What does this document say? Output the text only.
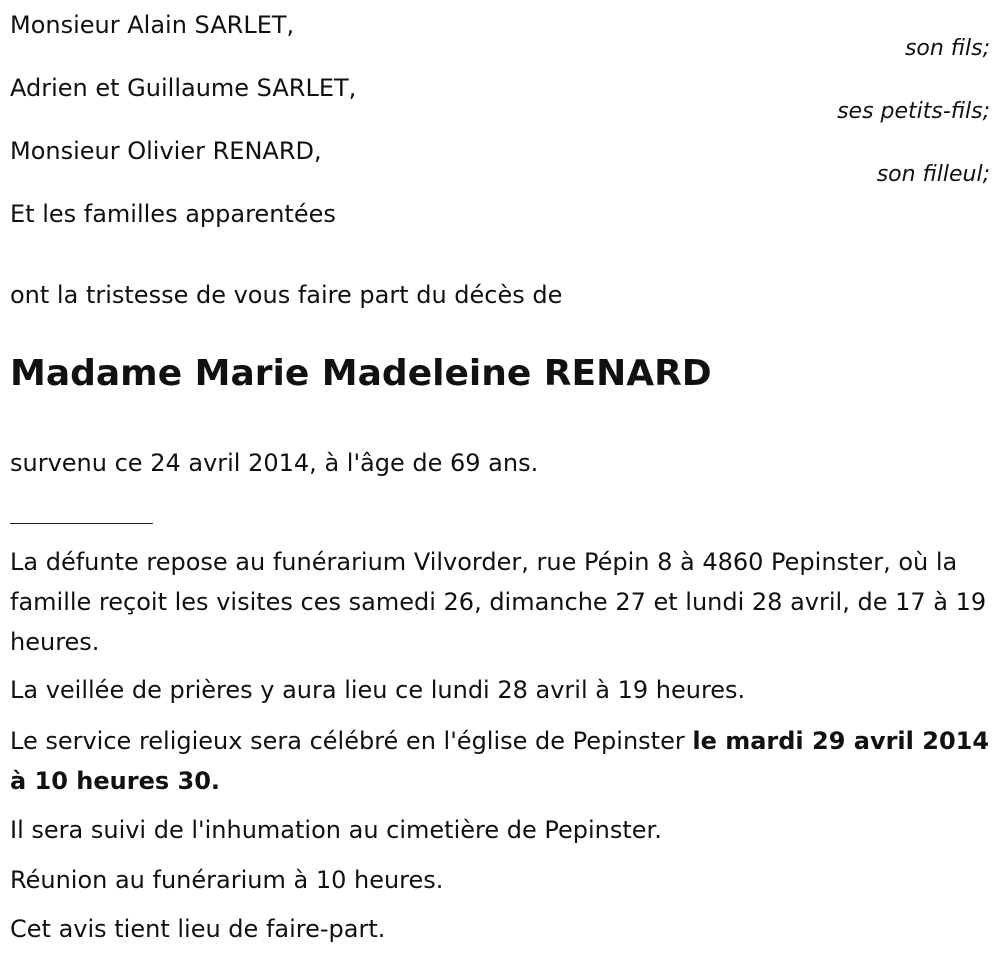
Monsieur Alain SARLET,
son fils;
Adrien et Guillaume SARLET,
ses petits-fils;
Monsieur Olivier RENARD,
son filleul;
Et les familles apparentées
ont la tristesse de vous faire part du décès de
Madame Marie Madeleine RENARD
survenu ce 24 avril 2014, à l'âge de 69 ans.
La défunte repose au funérarium Vilvorder, rue Pépin 8 à 4860 Pepinster, où la famille reçoit les visites ces samedi 26, dimanche 27 et lundi 28 avril, de 17 à 19 heures.
La veillée de prières y aura lieu ce lundi 28 avril à 19 heures.
Le service religieux sera célébré en l'église de Pepinster le mardi 29 avril 2014 à 10 heures 30.
Il sera suivi de l'inhumation au cimetière de Pepinster.
Réunion au funérarium à 10 heures.
Cet avis tient lieu de faire-part.
